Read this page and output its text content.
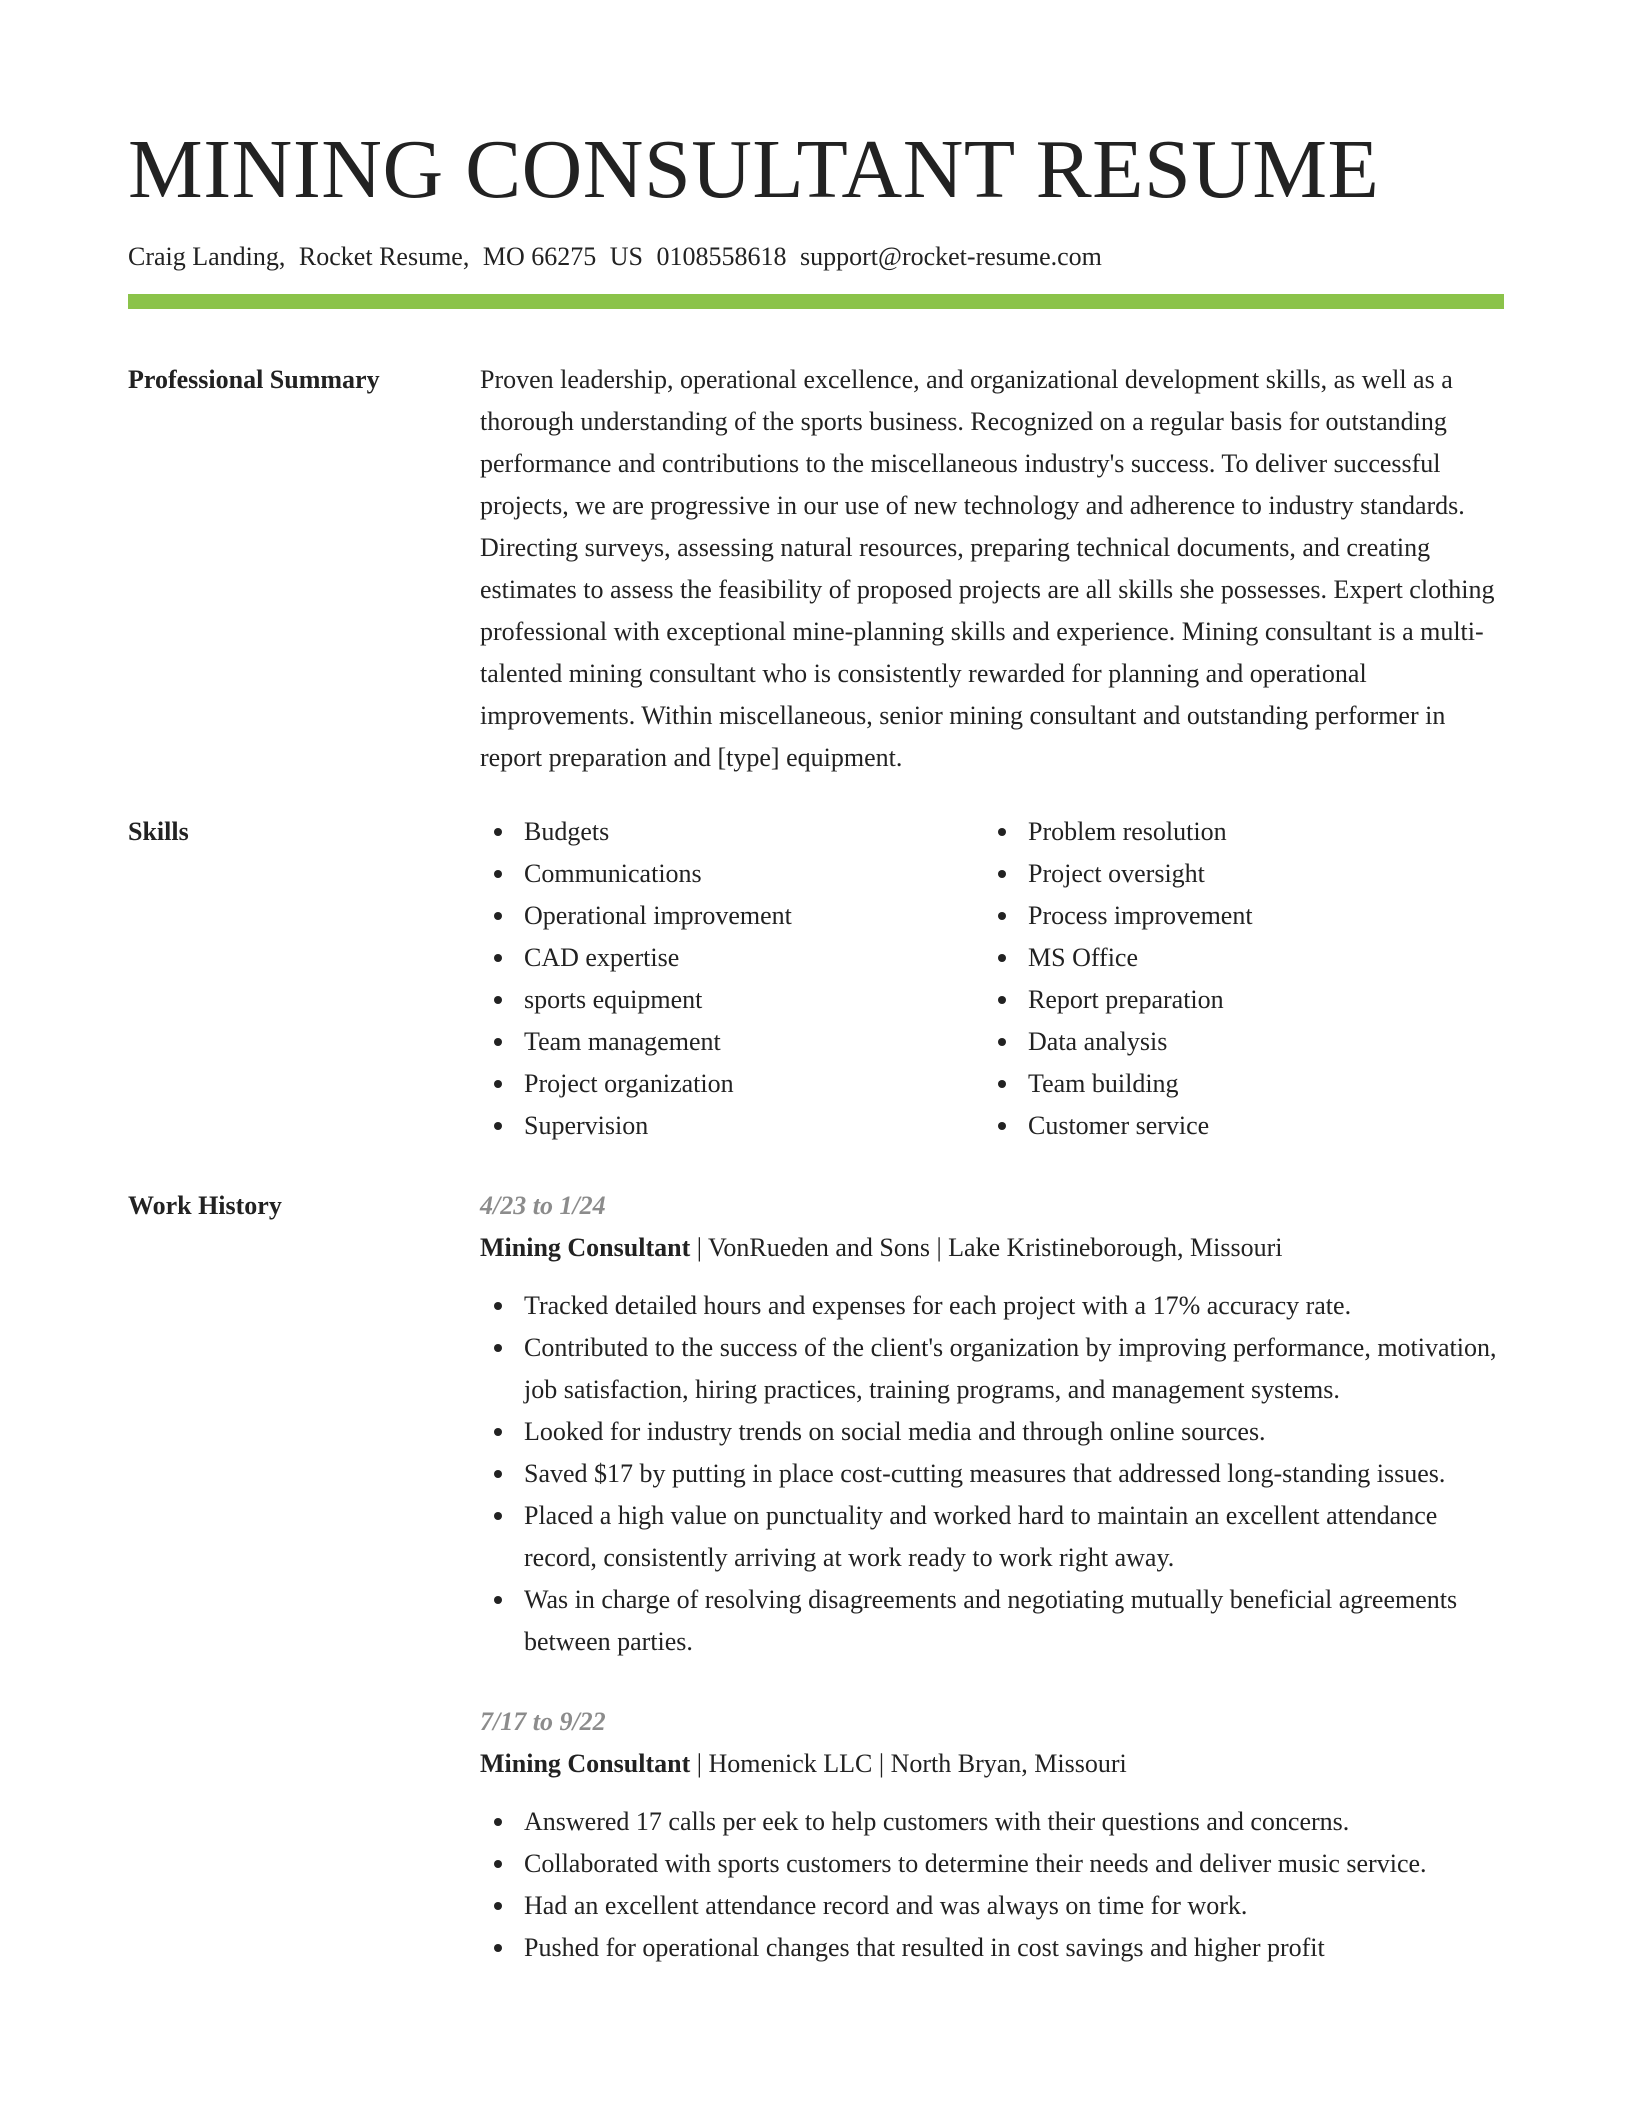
MINING CONSULTANT RESUME
Craig Landing, Rocket Resume, MO 66275 US 0108558618 support@rocket-resume.com
Professional Summary	Proven leadership, operational excellence, and organizational development skills, as well as a thorough understanding of the sports business. Recognized on a regular basis for outstanding performance and contributions to the miscellaneous industry's success. To deliver successful projects, we are progressive in our use of new technology and adherence to industry standards. Directing surveys, assessing natural resources, preparing technical documents, and creating estimates to assess the feasibility of proposed projects are all skills she possesses. Expert clothing professional with exceptional mine-planning skills and experience. Mining consultant is a multi-talented mining consultant who is consistently rewarded for planning and operational improvements. Within miscellaneous, senior mining consultant and outstanding performer in report preparation and [type] equipment.

Skills	Budgets
Communications
Operational improvement
CAD expertise
sports equipment
Team management
Project organization
Supervision
Problem resolution
Project oversight
Process improvement
MS Office
Report preparation
Data analysis
Team building
Customer service
Work History	4/23 to 1/24
Mining Consultant | VonRueden and Sons | Lake Kristineborough, Missouri
Tracked detailed hours and expenses for each project with a 17% accuracy rate.
Contributed to the success of the client's organization by improving performance, motivation, job satisfaction, hiring practices, training programs, and management systems.
Looked for industry trends on social media and through online sources.
Saved $17 by putting in place cost-cutting measures that addressed long-standing issues.
Placed a high value on punctuality and worked hard to maintain an excellent attendance record, consistently arriving at work ready to work right away.
Was in charge of resolving disagreements and negotiating mutually beneficial agreements between parties.
7/17 to 9/22
Mining Consultant | Homenick LLC | North Bryan, Missouri
Answered 17 calls per eek to help customers with their questions and concerns.
Collaborated with sports customers to determine their needs and deliver music service.
Had an excellent attendance record and was always on time for work.
Pushed for operational changes that resulted in cost savings and higher profit
